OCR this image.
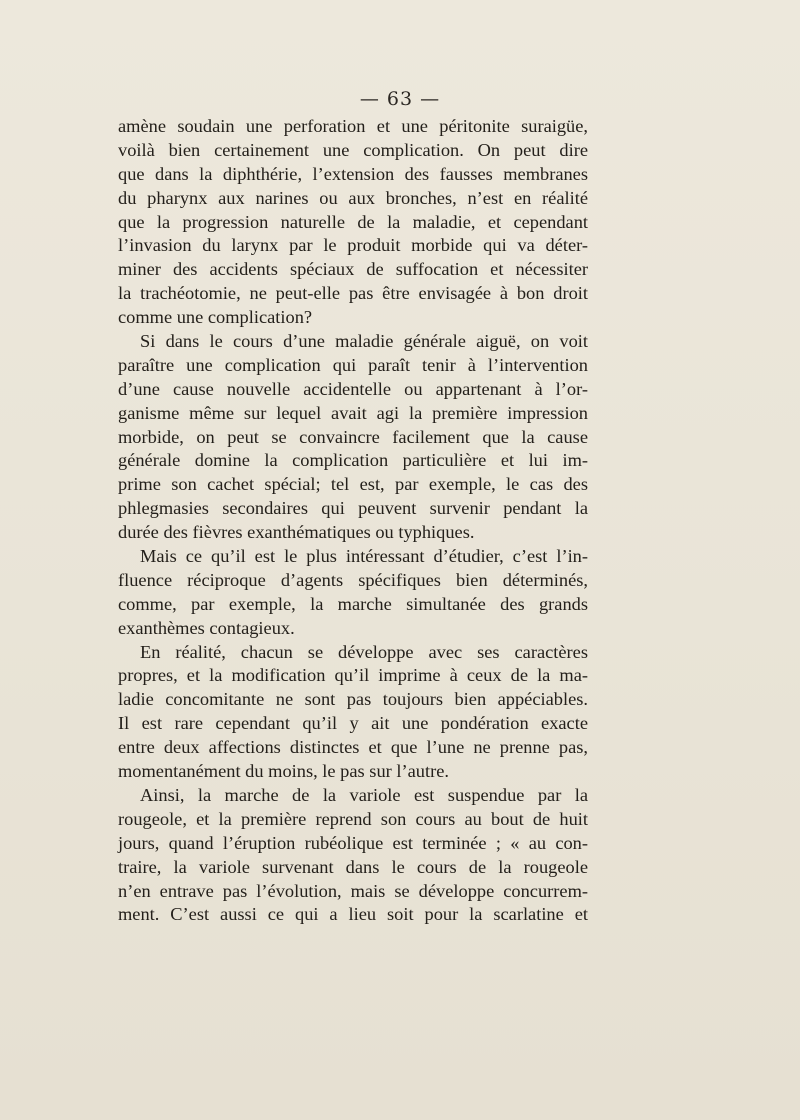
— 63 —
amène soudain une perforation et une péritonite suraigüe,
voilà bien certainement une complication. On peut dire
que dans la diphthérie, l’extension des fausses membranes
du pharynx aux narines ou aux bronches, n’est en réalité
que la progression naturelle de la maladie, et cependant
l’invasion du larynx par le produit morbide qui va déter-
miner des accidents spéciaux de suffocation et nécessiter
la trachéotomie, ne peut-elle pas être envisagée à bon droit
comme une complication?
Si dans le cours d’une maladie générale aiguë, on voit
paraître une complication qui paraît tenir à l’intervention
d’une cause nouvelle accidentelle ou appartenant à l’or-
ganisme même sur lequel avait agi la première impression
morbide, on peut se convaincre facilement que la cause
générale domine la complication particulière et lui im-
prime son cachet spécial; tel est, par exemple, le cas des
phlegmasies secondaires qui peuvent survenir pendant la
durée des fièvres exanthématiques ou typhiques.
Mais ce qu’il est le plus intéressant d’étudier, c’est l’in-
fluence réciproque d’agents spécifiques bien déterminés,
comme, par exemple, la marche simultanée des grands
exanthèmes contagieux.
En réalité, chacun se développe avec ses caractères
propres, et la modification qu’il imprime à ceux de la ma-
ladie concomitante ne sont pas toujours bien appéciables.
Il est rare cependant qu’il y ait une pondération exacte
entre deux affections distinctes et que l’une ne prenne pas,
momentanément du moins, le pas sur l’autre.
Ainsi, la marche de la variole est suspendue par la
rougeole, et la première reprend son cours au bout de huit
jours, quand l’éruption rubéolique est terminée ; « au con-
traire, la variole survenant dans le cours de la rougeole
n’en entrave pas l’évolution, mais se développe concurrem-
ment. C’est aussi ce qui a lieu soit pour la scarlatine et
